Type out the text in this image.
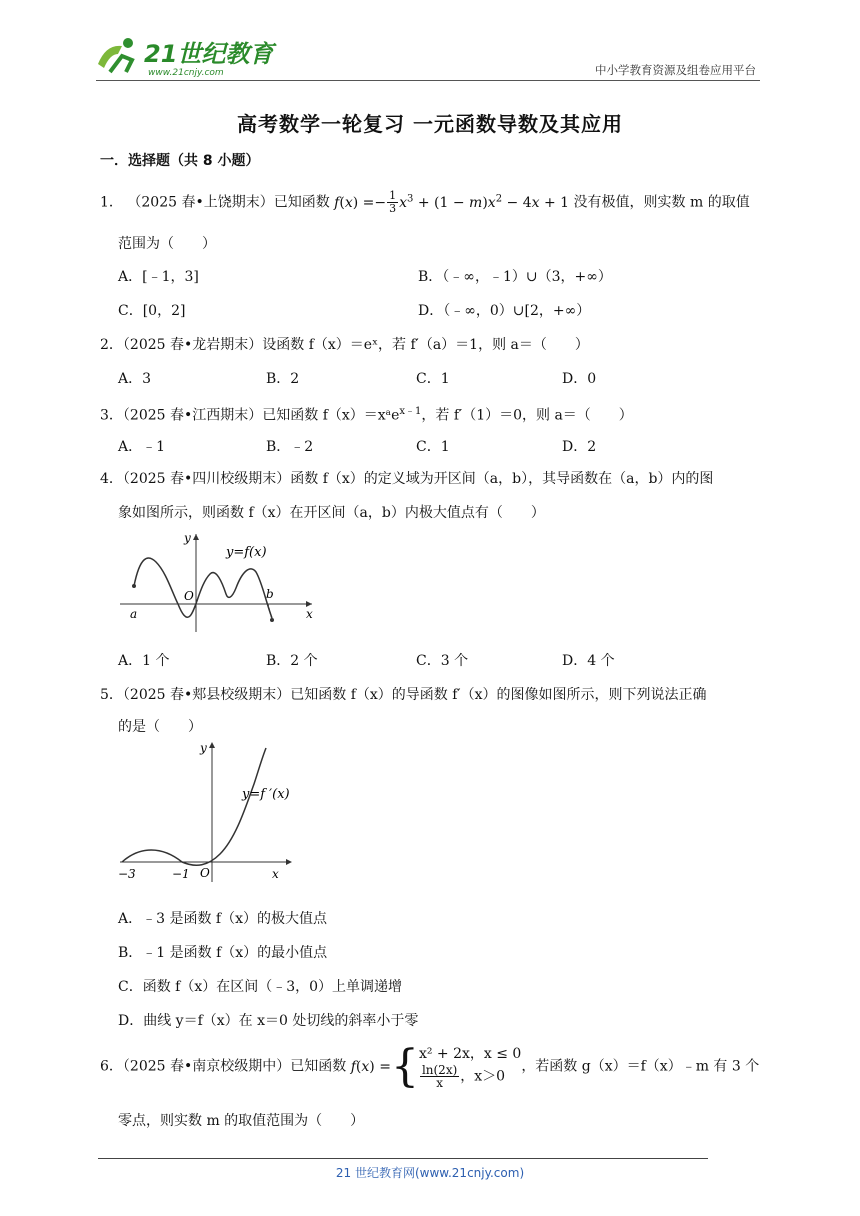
21世纪教育
www.21cnjy.com	中小学教育资源及组卷应用平台
高考数学一轮复习 一元函数导数及其应用
一．选择题（共 8 小题）
1． （2025 春•上饶期末）已知函数 $f(x) =- \frac{1}{3} x^3 + (1 - m)x^2 - 4x + 1$ 没有极值，则实数 m 的取值
范围为（　　）
A．[﹣1，3]	B．（﹣∞，﹣1）∪（3，+∞）
C．[0，2]	D．（﹣∞，0）∪[2，+∞）
2．（2025 春•龙岩期末）设函数 f（x）＝eˣ，若 f′（a）＝1，则 a＝（　　）
A．3	B．2	C．1	D．0
3．（2025 春•江西期末）已知函数 f（x）＝xᵃe$^{x﹣1}$，若 f′（1）＝0，则 a＝（　　）
A．﹣1	B．﹣2	C．1	D．2
4．（2025 春•四川校级期末）函数 f（x）的定义域为开区间（a，b），其导函数在（a，b）内的图
象如图所示，则函数 f（x）在开区间（a，b）内极大值点有（　　）
y
y=f(x)
O
a
b
x
A．1 个	B．2 个	C．3 个	D．4 个
5．（2025 春•郏县校级期末）已知函数 f（x）的导函数 f′（x）的图像如图所示，则下列说法正确
的是（　　）
y
y=f ′(x)
O
−3	−1	x
A．﹣3 是函数 f（x）的极大值点
B．﹣1 是函数 f（x）的最小值点
C．函数 f（x）在区间（﹣3，0）上单调递增
D．曲线 y＝f（x）在 x＝0 处切线的斜率小于零
6．（2025 春•南京校级期中）已知函数 f(x) ={x² + 2x，x ≤ 0

$\frac{\ln(2x)}{x}$ ，x＞0，若函数 g（x）＝f（x）﹣m 有 3 个
零点，则实数 m 的取值范围为（　　）
21 世纪教育网(www.21cnjy.com)
